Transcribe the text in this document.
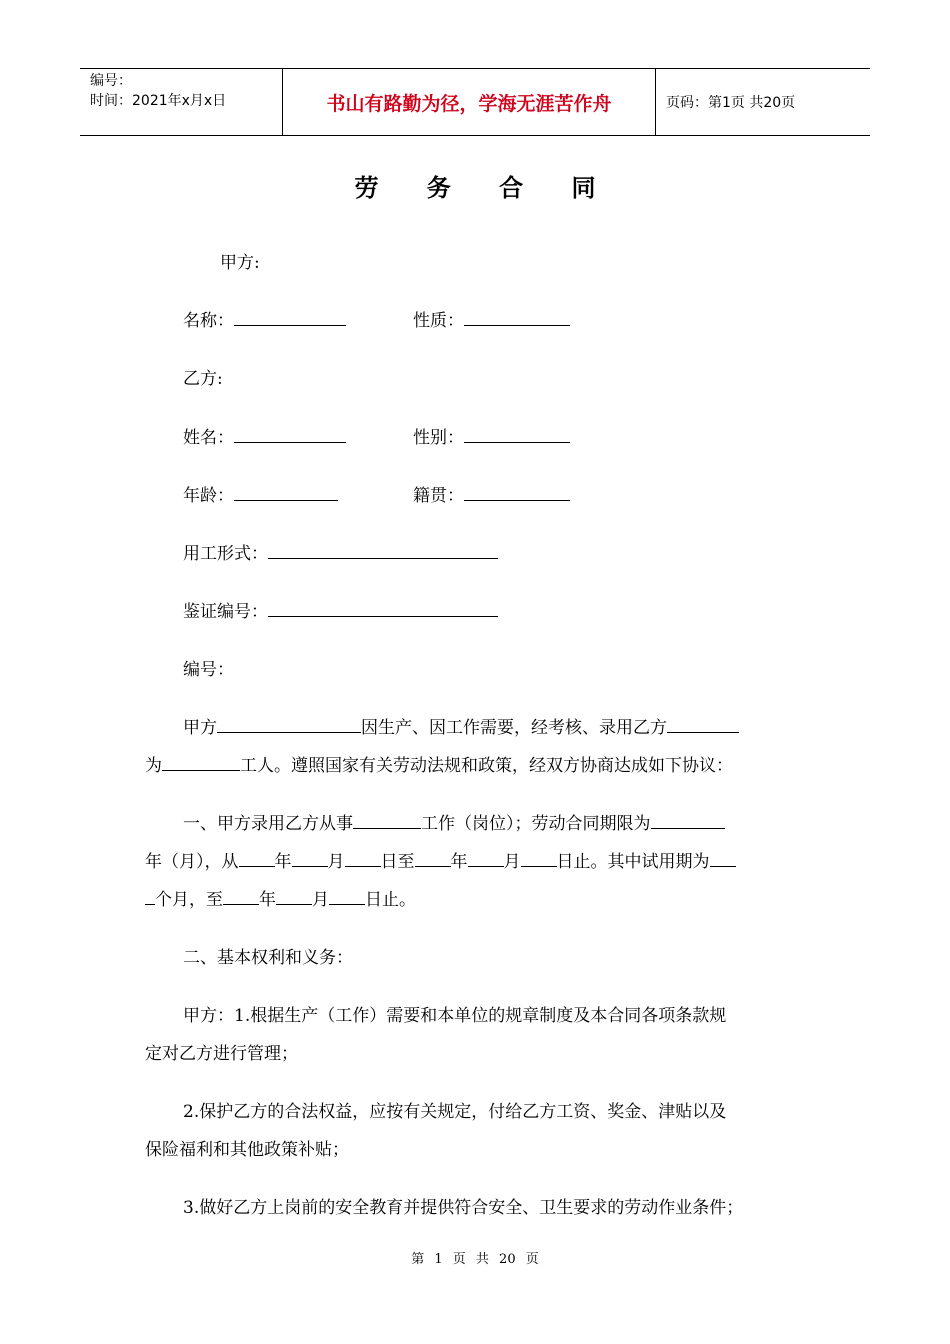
编号：
时间：2021年x月x日	书山有路勤为径，学海无涯苦作舟	页码：第1页 共20页
劳 务 合 同
甲方:
名称：	性质：
乙方:
姓名：	性别：
年龄：	籍贯：
用工形式：
鉴证编号：
编号：
甲方	因生产、因工作需要，经考核、录用乙方
为	工人。遵照国家有关劳动法规和政策，经双方协商达成如下协议：
一、甲方录用乙方从事	工作（岗位）；劳动合同期限为
年（月），从 年 月 日至 年 月 日止。其中试用期为
个月，至 年 月 日止。
二、基本权利和义务：
甲方：1.根据生产（工作）需要和本单位的规章制度及本合同各项条款规
定对乙方进行管理；
2.保护乙方的合法权益，应按有关规定，付给乙方工资、奖金、津贴以及
保险福利和其他政策补贴；
3.做好乙方上岗前的安全教育并提供符合安全、卫生要求的劳动作业条件；
第 1 页 共 20 页
